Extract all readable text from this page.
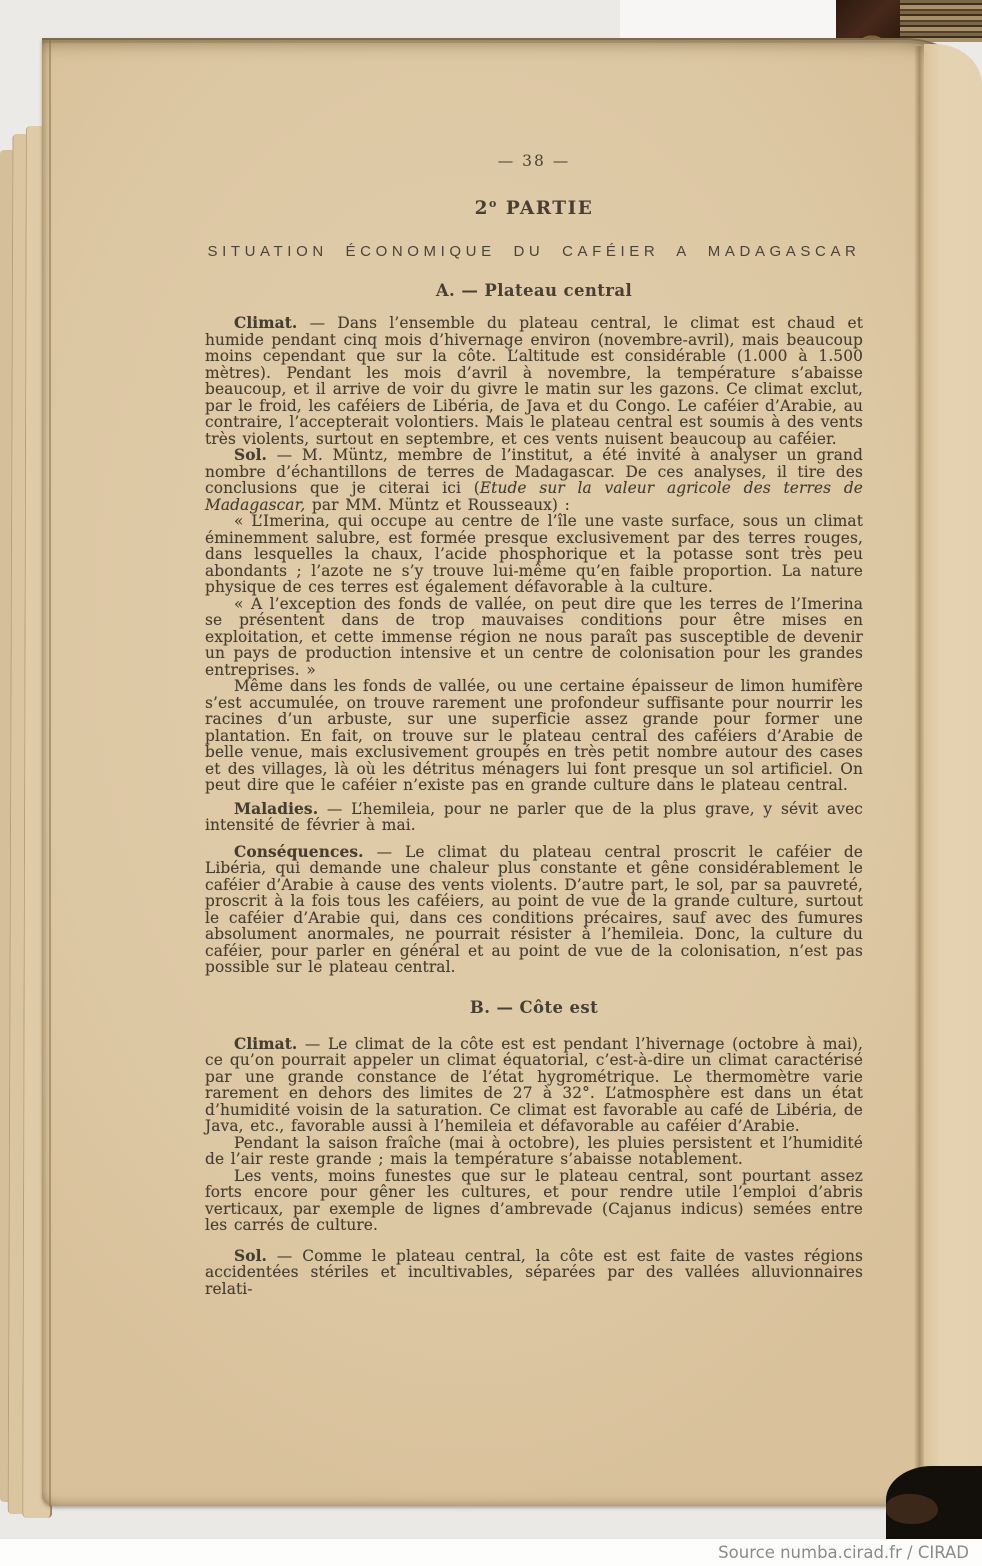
— 38 —
2$^o$ PARTIE
SITUATION ÉCONOMIQUE DU CAFÉIER A MADAGASCAR
A. — Plateau central

Climat. — Dans l’ensemble du plateau central, le climat est chaud et humide pendant cinq mois d’hivernage environ (novembre-avril), mais beaucoup moins cependant que sur la côte. L’altitude est considérable (1.000 à 1.500 mètres). Pendant les mois d’avril à novembre, la température s’abaisse beaucoup, et il arrive de voir du givre le matin sur les gazons. Ce climat exclut, par le froid, les caféiers de Libéria, de Java et du Congo. Le caféier d’Arabie, au contraire, l’accepterait volontiers. Mais le plateau central est soumis à des vents très violents, surtout en septembre, et ces vents nuisent beaucoup au caféier.

Sol. — M. Müntz, membre de l’institut, a été invité à analyser un grand nombre d’échantillons de terres de Madagascar. De ces analyses, il tire des conclusions que je citerai ici (Etude sur la valeur agricole des terres de Madagascar, par MM. Müntz et Rousseaux) :

« L’Imerina, qui occupe au centre de l’île une vaste surface, sous un climat éminemment salubre, est formée presque exclusivement par des terres rouges, dans lesquelles la chaux, l’acide phosphorique et la potasse sont très peu abondants ; l’azote ne s’y trouve lui-même qu’en faible proportion. La nature physique de ces terres est également défavorable à la culture.

« A l’exception des fonds de vallée, on peut dire que les terres de l’Imerina se présentent dans de trop mauvaises conditions pour être mises en exploitation, et cette immense région ne nous paraît pas susceptible de devenir un pays de production intensive et un centre de colonisation pour les grandes entreprises. »

Même dans les fonds de vallée, ou une certaine épaisseur de limon humifère s’est accumulée, on trouve rarement une profondeur suffisante pour nourrir les racines d’un arbuste, sur une superficie assez grande pour former une plantation. En fait, on trouve sur le plateau central des caféiers d’Arabie de belle venue, mais exclusivement groupés en très petit nombre autour des cases et des villages, là où les détritus ménagers lui font presque un sol artificiel. On peut dire que le caféier n’existe pas en grande culture dans le plateau central.

Maladies. — L’hemileia, pour ne parler que de la plus grave, y sévit avec intensité de février à mai.

Conséquences. — Le climat du plateau central proscrit le caféier de Libéria, qui demande une chaleur plus constante et gêne considérablement le caféier d’Arabie à cause des vents violents. D’autre part, le sol, par sa pauvreté, proscrit à la fois tous les caféiers, au point de vue de la grande culture, surtout le caféier d’Arabie qui, dans ces conditions précaires, sauf avec des fumures absolument anormales, ne pourrait résister à l’hemileia. Donc, la culture du caféier, pour parler en général et au point de vue de la colonisation, n’est pas possible sur le plateau central.

B. — Côte est

Climat. — Le climat de la côte est est pendant l’hivernage (octobre à mai), ce qu’on pourrait appeler un climat équatorial, c’est-à-dire un climat caractérisé par une grande constance de l’état hygrométrique. Le thermomètre varie rarement en dehors des limites de 27 à 32°. L’atmosphère est dans un état d’humidité voisin de la saturation. Ce climat est favorable au café de Libéria, de Java, etc., favorable aussi à l’hemileia et défavorable au caféier d’Arabie.

Pendant la saison fraîche (mai à octobre), les pluies persistent et l’humidité de l’air reste grande ; mais la température s’abaisse notablement.

Les vents, moins funestes que sur le plateau central, sont pourtant assez forts encore pour gêner les cultures, et pour rendre utile l’emploi d’abris verticaux, par exemple de lignes d’ambrevade (Cajanus indicus) semées entre les carrés de culture.

Sol. — Comme le plateau central, la côte est est faite de vastes régions accidentées stériles et incultivables, séparées par des vallées alluvionnaires relati-

Source numba.cirad.fr / CIRAD
